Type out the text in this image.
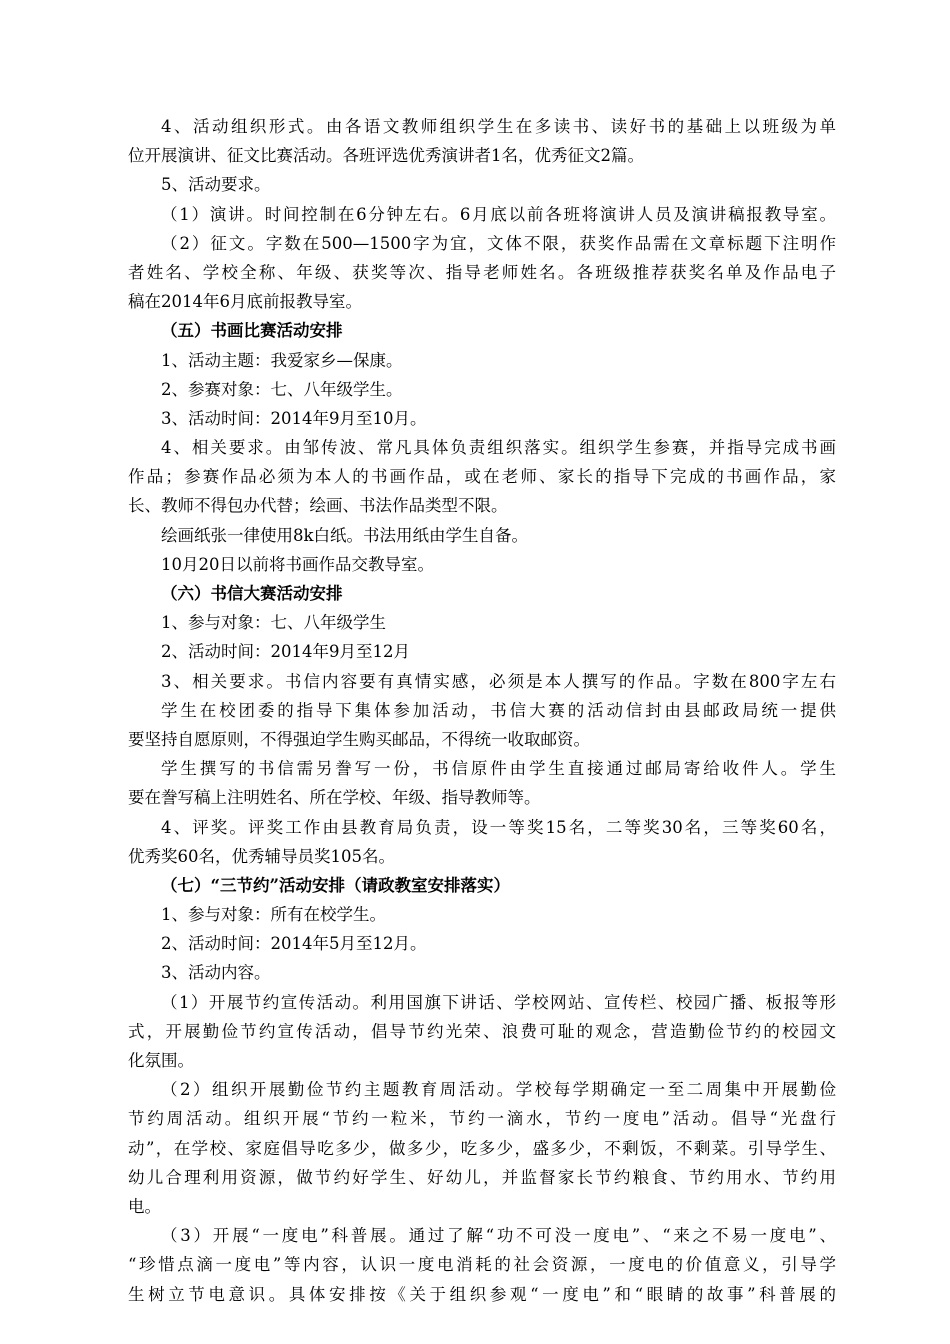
4、活动组织形式。由各语文教师组织学生在多读书、读好书的基础上以班级为单
位开展演讲、征文比赛活动。各班评选优秀演讲者1名，优秀征文2篇。
5、活动要求。
（1）演讲。时间控制在6分钟左右。6月底以前各班将演讲人员及演讲稿报教导室。
（2）征文。字数在500—1500字为宜，文体不限，获奖作品需在文章标题下注明作
者姓名、学校全称、年级、获奖等次、指导老师姓名。各班级推荐获奖名单及作品电子
稿在2014年6月底前报教导室。
（五）书画比赛活动安排
1、活动主题：我爱家乡—保康。
2、参赛对象：七、八年级学生。
3、活动时间：2014年9月至10月。
4、相关要求。由邹传波、常凡具体负责组织落实。组织学生参赛，并指导完成书画
作品；参赛作品必须为本人的书画作品，或在老师、家长的指导下完成的书画作品，家
长、教师不得包办代替；绘画、书法作品类型不限。
绘画纸张一律使用8k白纸。书法用纸由学生自备。
10月20日以前将书画作品交教导室。
（六）书信大赛活动安排
1、参与对象：七、八年级学生
2、活动时间：2014年9月至12月
3、相关要求。书信内容要有真情实感，必须是本人撰写的作品。字数在800字左右
学生在校团委的指导下集体参加活动，书信大赛的活动信封由县邮政局统一提供
要坚持自愿原则，不得强迫学生购买邮品，不得统一收取邮资。
学生撰写的书信需另誊写一份，书信原件由学生直接通过邮局寄给收件人。学生
要在誊写稿上注明姓名、所在学校、年级、指导教师等。
4、评奖。评奖工作由县教育局负责，设一等奖15名，二等奖30名，三等奖60名，
优秀奖60名，优秀辅导员奖105名。
（七）“三节约”活动安排（请政教室安排落实）
1、参与对象：所有在校学生。
2、活动时间：2014年5月至12月。
3、活动内容。
（1）开展节约宣传活动。利用国旗下讲话、学校网站、宣传栏、校园广播、板报等形
式，开展勤俭节约宣传活动，倡导节约光荣、浪费可耻的观念，营造勤俭节约的校园文
化氛围。
（2）组织开展勤俭节约主题教育周活动。学校每学期确定一至二周集中开展勤俭
节约周活动。组织开展“节约一粒米，节约一滴水，节约一度电”活动。倡导“光盘行
动”，在学校、家庭倡导吃多少，做多少，吃多少，盛多少，不剩饭，不剩菜。引导学生、
幼儿合理利用资源，做节约好学生、好幼儿，并监督家长节约粮食、节约用水、节约用
电。
（3）开展“一度电”科普展。通过了解“功不可没一度电”、“来之不易一度电”、
“珍惜点滴一度电”等内容，认识一度电消耗的社会资源，一度电的价值意义，引导学
生树立节电意识。具体安排按《关于组织参观“一度电”和“眼睛的故事”科普展的
